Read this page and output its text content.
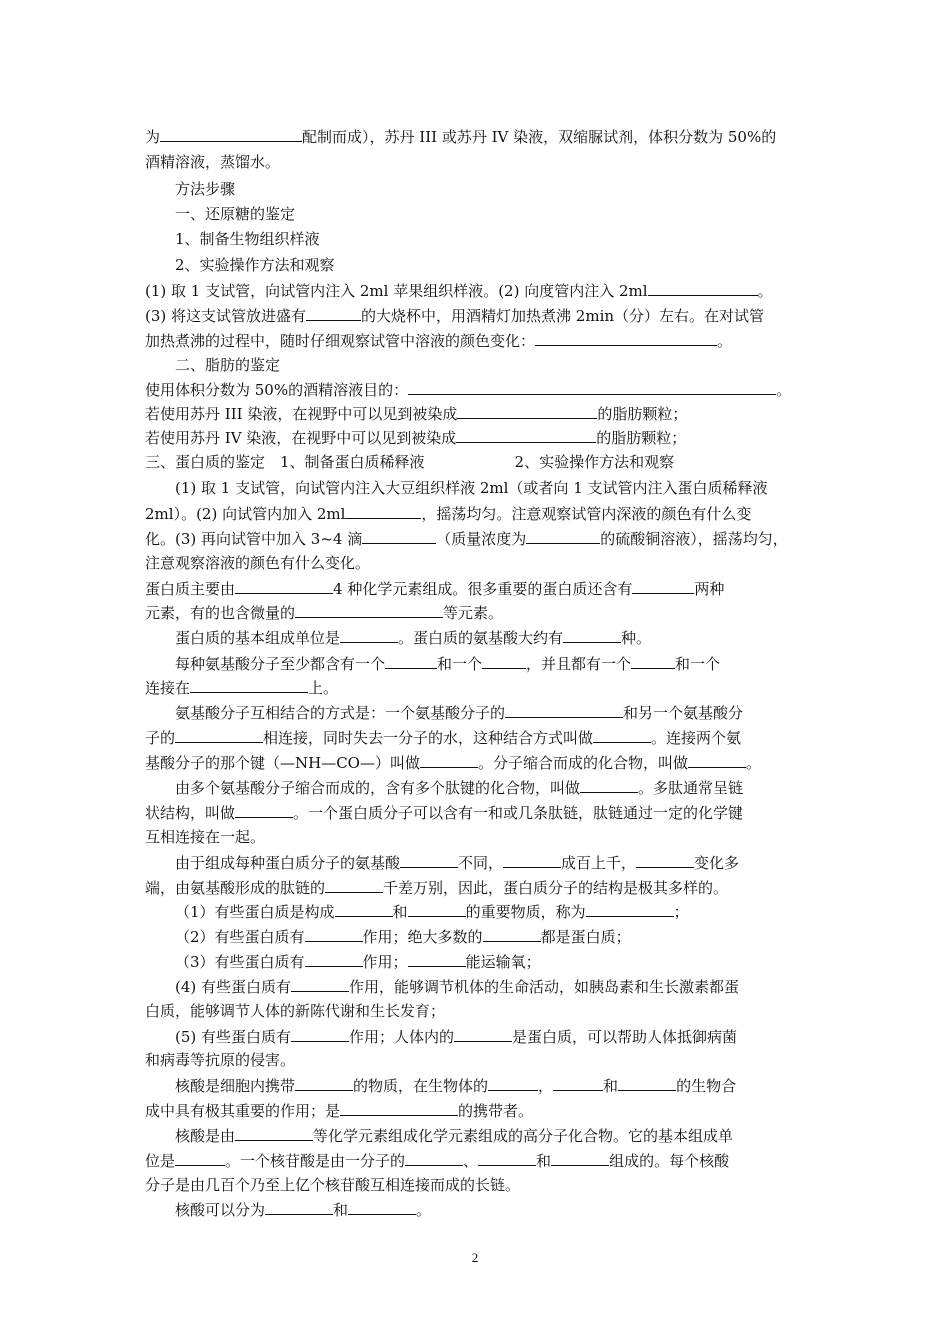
为	配制而成），苏丹 III 或苏丹 IV 染液，双缩脲试剂，体积分数为 50%的
酒精溶液，蒸馏水。
方法步骤
一、还原糖的鉴定
1、制备生物组织样液
2、实验操作方法和观察
(1) 取 1 支试管，向试管内注入 2ml 苹果组织样液。(2) 向度管内注入 2ml	。
(3) 将这支试管放进盛有	的大烧杯中，用酒精灯加热煮沸 2min（分）左右。在对试管
加热煮沸的过程中，随时仔细观察试管中溶液的颜色变化：	。
二、脂肪的鉴定
使用体积分数为 50%的酒精溶液目的：	。
若使用苏丹 III 染液，在视野中可以见到被染成	的脂肪颗粒；
若使用苏丹 IV 染液，在视野中可以见到被染成	的脂肪颗粒；
三、蛋白质的鉴定　1、制备蛋白质稀释液	2、实验操作方法和观察
(1) 取 1 支试管，向试管内注入大豆组织样液 2ml（或者向 1 支试管内注入蛋白质稀释液
2ml）。(2) 向试管内加入 2ml	，摇荡均匀。注意观察试管内深液的颜色有什么变
化。(3) 再向试管中加入 3~4 滴	（质量浓度为	的硫酸铜溶液），摇荡均匀，
注意观察溶液的颜色有什么变化。
蛋白质主要由	4 种化学元素组成。很多重要的蛋白质还含有	两种
元素，有的也含微量的	等元素。
蛋白质的基本组成单位是	。蛋白质的氨基酸大约有	种。
每种氨基酸分子至少都含有一个	和一个	，并且都有一个	和一个
连接在	上。
氨基酸分子互相结合的方式是：一个氨基酸分子的	和另一个氨基酸分
子的	相连接，同时失去一分子的水，这种结合方式叫做	。连接两个氨
基酸分子的那个键（—NH—CO—）叫做	。分子缩合而成的化合物，叫做	。
由多个氨基酸分子缩合而成的，含有多个肽键的化合物，叫做	。多肽通常呈链
状结构，叫做	。一个蛋白质分子可以含有一和或几条肽链，肽链通过一定的化学键
互相连接在一起。
由于组成每种蛋白质分子的氨基酸	不同，	成百上千，	变化多
端，由氨基酸形成的肽链的	千差万别，因此，蛋白质分子的结构是极其多样的。
（1）有些蛋白质是构成	和	的重要物质，称为	；
（2）有些蛋白质有	作用；绝大多数的	都是蛋白质；
（3）有些蛋白质有	作用；	能运输氧；
(4) 有些蛋白质有	作用，能够调节机体的生命活动，如胰岛素和生长激素都蛋
白质，能够调节人体的新陈代谢和生长发育；
(5) 有些蛋白质有	作用；人体内的	是蛋白质，可以帮助人体抵御病菌
和病毒等抗原的侵害。
核酸是细胞内携带	的物质，在生物体的	，	和	的生物合
成中具有极其重要的作用；是	的携带者。
核酸是由	等化学元素组成化学元素组成的高分子化合物。它的基本组成单
位是	。一个核苷酸是由一分子的	、	和	组成的。每个核酸
分子是由几百个乃至上亿个核苷酸互相连接而成的长链。
核酸可以分为	和	。
2
